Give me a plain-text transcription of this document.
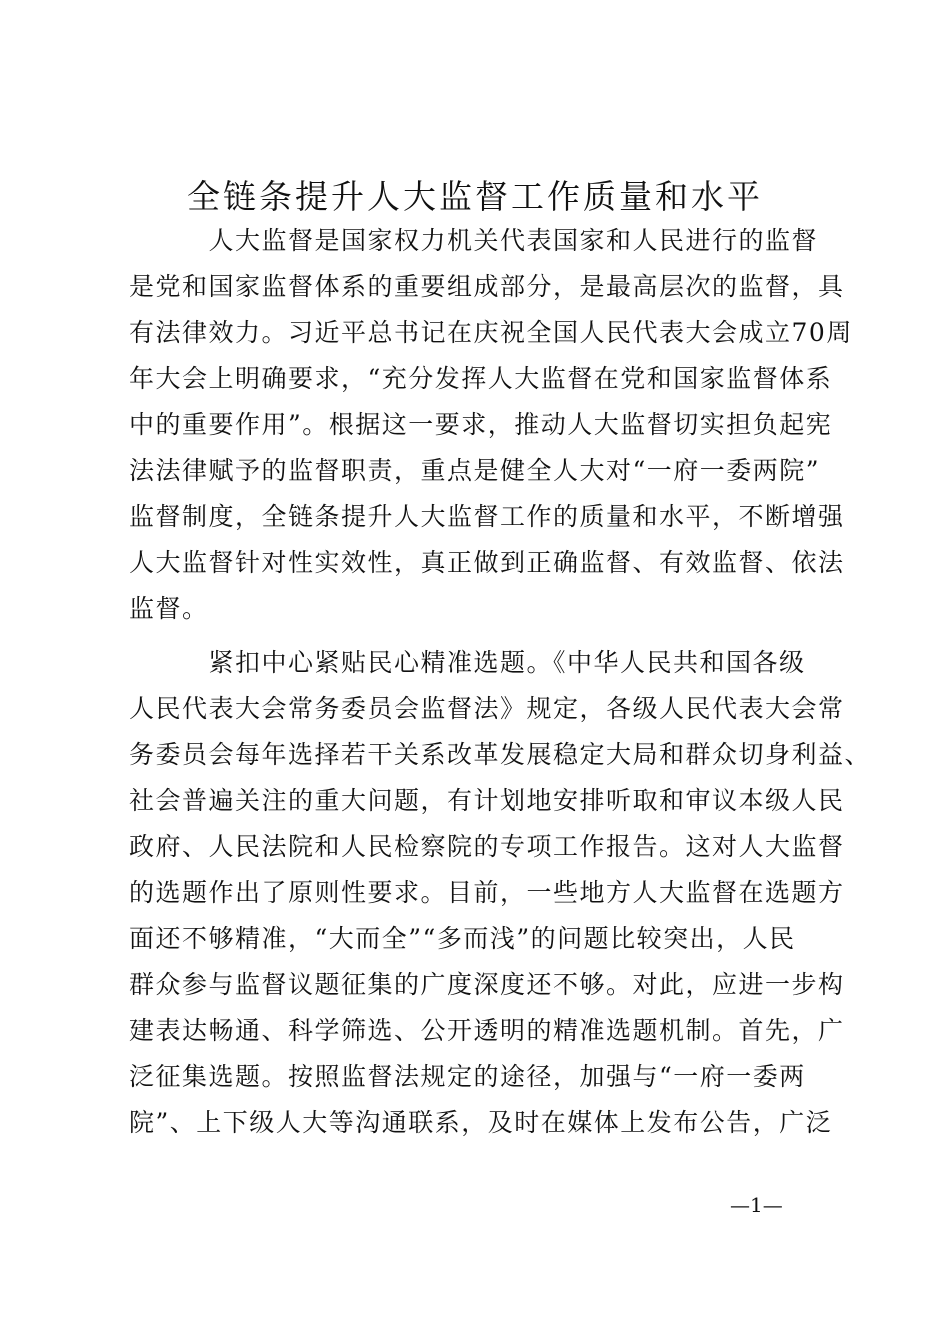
全链条提升人大监督工作质量和水平
　　　人大监督是国家权力机关代表国家和人民进行的监督
是党和国家监督体系的重要组成部分，是最高层次的监督，具
有法律效力。习近平总书记在庆祝全国人民代表大会成立70周
年大会上明确要求，“充分发挥人大监督在党和国家监督体系
中的重要作用”。根据这一要求，推动人大监督切实担负起宪
法法律赋予的监督职责，重点是健全人大对“一府一委两院”
监督制度，全链条提升人大监督工作的质量和水平，不断增强
人大监督针对性实效性，真正做到正确监督、有效监督、依法
监督。
　　　紧扣中心紧贴民心精准选题。《中华人民共和国各级
人民代表大会常务委员会监督法》规定，各级人民代表大会常
务委员会每年选择若干关系改革发展稳定大局和群众切身利益、
社会普遍关注的重大问题，有计划地安排听取和审议本级人民
政府、人民法院和人民检察院的专项工作报告。这对人大监督
的选题作出了原则性要求。目前，一些地方人大监督在选题方
面还不够精准，“大而全”“多而浅”的问题比较突出，人民
群众参与监督议题征集的广度深度还不够。对此，应进一步构
建表达畅通、科学筛选、公开透明的精准选题机制。首先，广
泛征集选题。按照监督法规定的途径，加强与“一府一委两
院”、上下级人大等沟通联系，及时在媒体上发布公告，广泛
—1—
